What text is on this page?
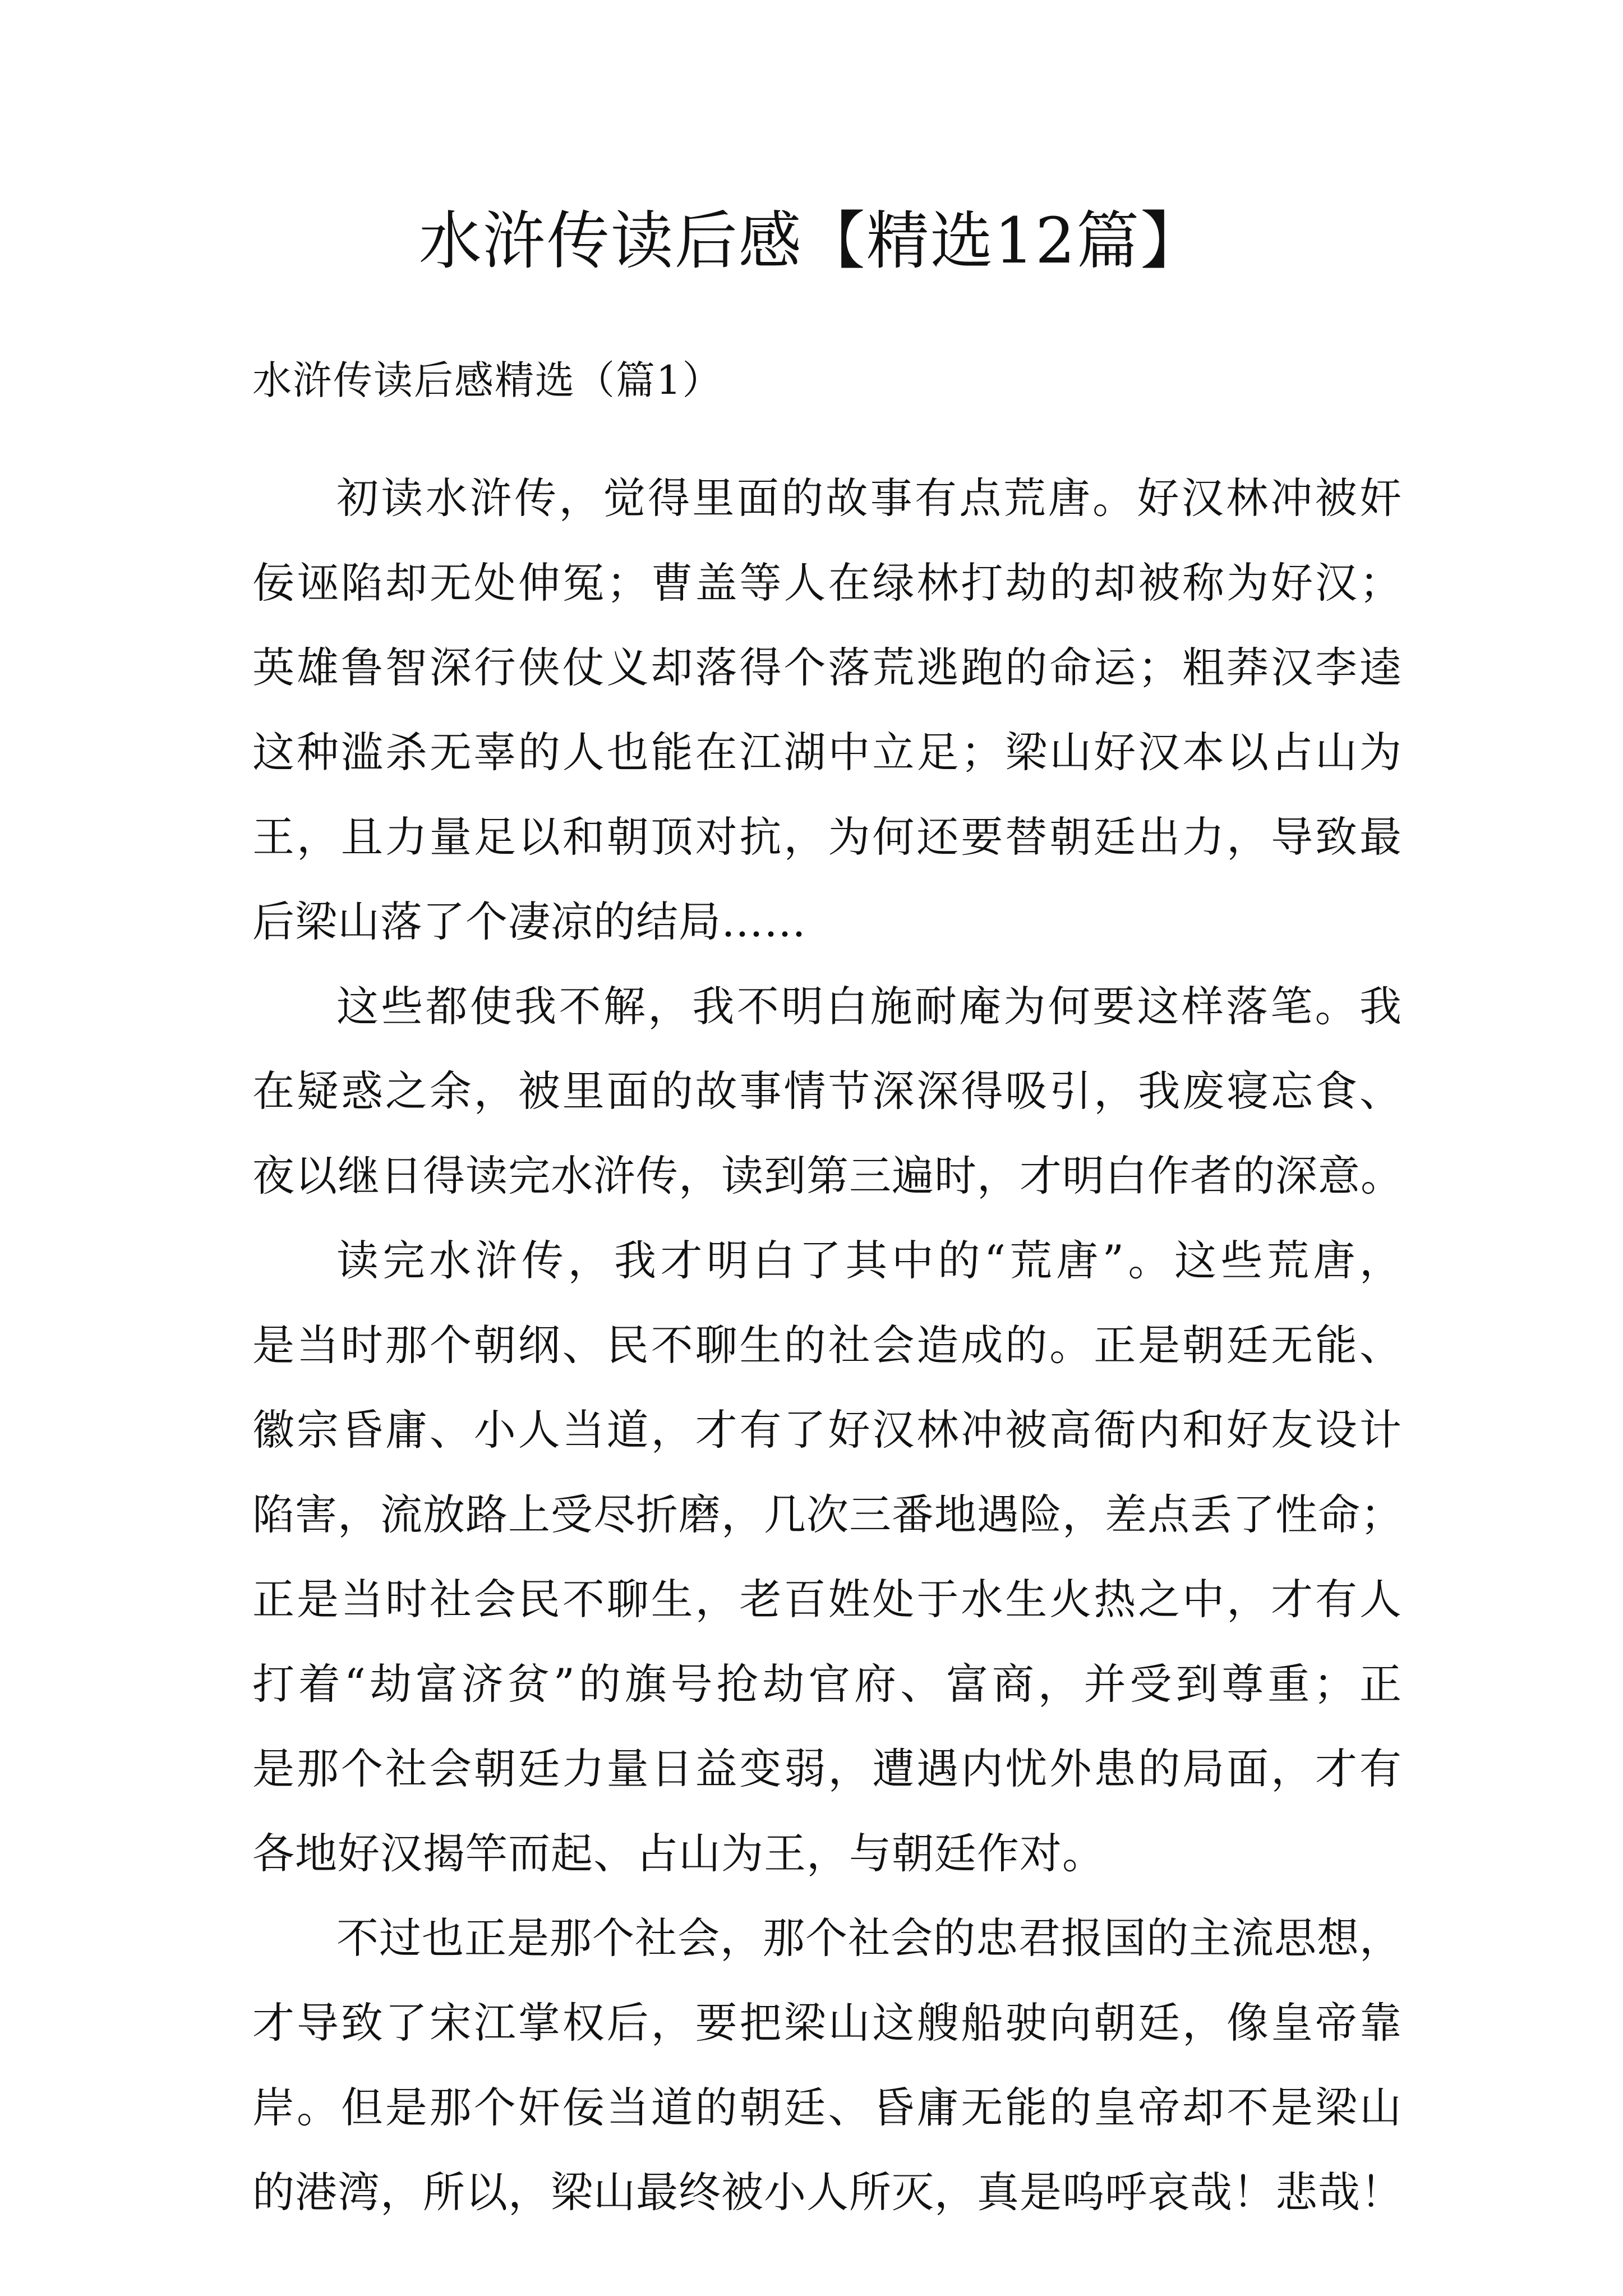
水浒传读后感【精选12篇】
水浒传读后感精选（篇1）
初读水浒传，觉得里面的故事有点荒唐。好汉林冲被奸
佞诬陷却无处伸冤；曹盖等人在绿林打劫的却被称为好汉；
英雄鲁智深行侠仗义却落得个落荒逃跑的命运；粗莽汉李逵
这种滥杀无辜的人也能在江湖中立足；梁山好汉本以占山为
王，且力量足以和朝顶对抗，为何还要替朝廷出力，导致最
后梁山落了个凄凉的结局……
这些都使我不解，我不明白施耐庵为何要这样落笔。我
在疑惑之余，被里面的故事情节深深得吸引，我废寝忘食、
夜以继日得读完水浒传，读到第三遍时，才明白作者的深意。
读完水浒传，我才明白了其中的“荒唐”。这些荒唐，
是当时那个朝纲、民不聊生的社会造成的。正是朝廷无能、
徽宗昏庸、小人当道，才有了好汉林冲被高衙内和好友设计
陷害，流放路上受尽折磨，几次三番地遇险，差点丢了性命；
正是当时社会民不聊生，老百姓处于水生火热之中，才有人
打着“劫富济贫”的旗号抢劫官府、富商，并受到尊重；正
是那个社会朝廷力量日益变弱，遭遇内忧外患的局面，才有
各地好汉揭竿而起、占山为王，与朝廷作对。
不过也正是那个社会，那个社会的忠君报国的主流思想，
才导致了宋江掌权后，要把梁山这艘船驶向朝廷，像皇帝靠
岸。但是那个奸佞当道的朝廷、昏庸无能的皇帝却不是梁山
的港湾，所以，梁山最终被小人所灭，真是呜呼哀哉！悲哉！
